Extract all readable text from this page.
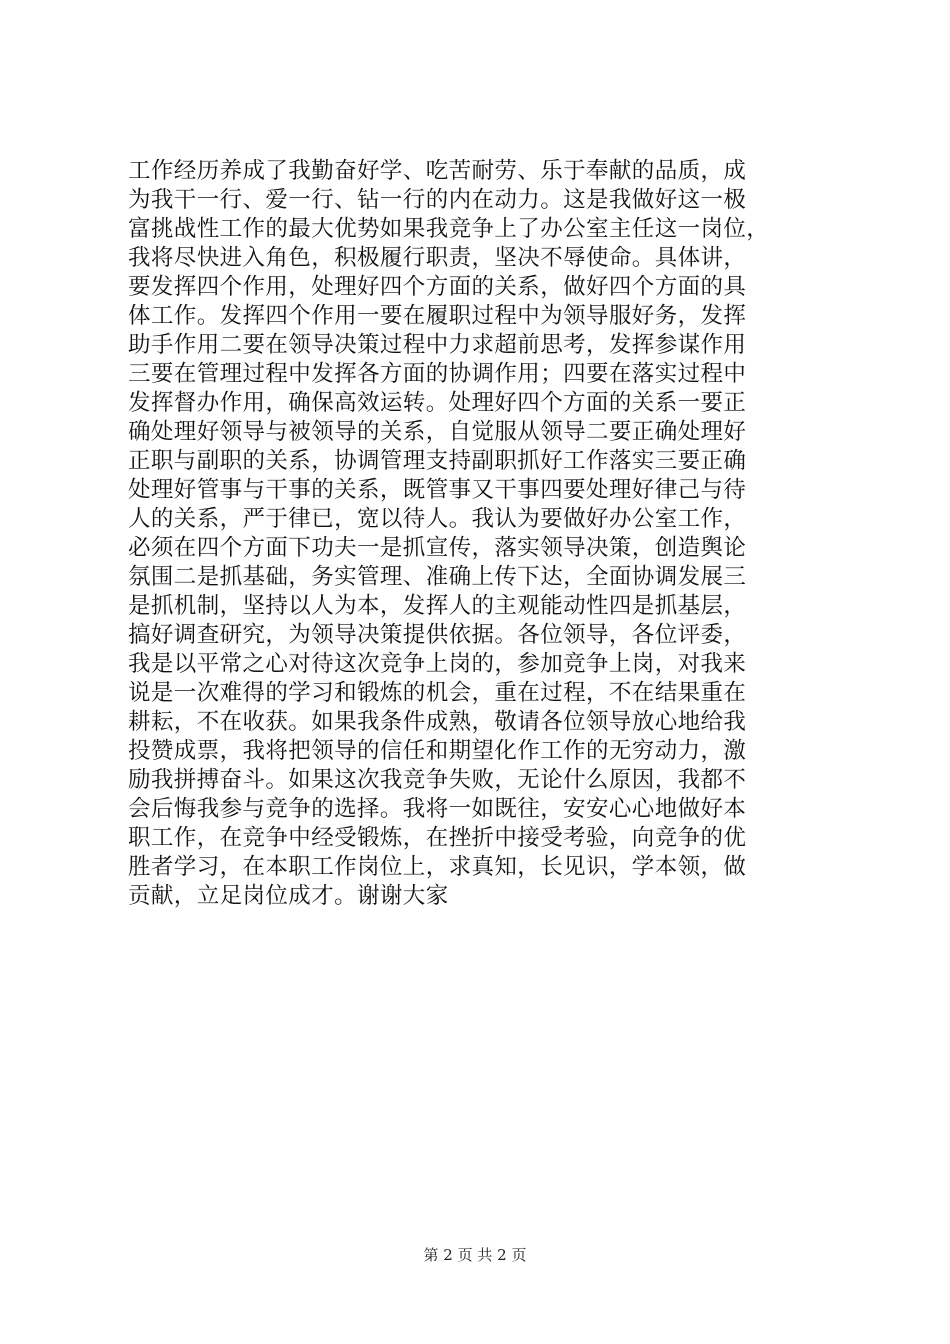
工作经历养成了我勤奋好学、吃苦耐劳、乐于奉献的品质，成
为我干一行、爱一行、钻一行的内在动力。这是我做好这一极
富挑战性工作的最大优势如果我竞争上了办公室主任这一岗位，
我将尽快进入角色，积极履行职责，坚决不辱使命。具体讲，
要发挥四个作用，处理好四个方面的关系，做好四个方面的具
体工作。发挥四个作用一要在履职过程中为领导服好务，发挥
助手作用二要在领导决策过程中力求超前思考，发挥参谋作用
三要在管理过程中发挥各方面的协调作用；四要在落实过程中
发挥督办作用，确保高效运转。处理好四个方面的关系一要正
确处理好领导与被领导的关系，自觉服从领导二要正确处理好
正职与副职的关系，协调管理支持副职抓好工作落实三要正确
处理好管事与干事的关系，既管事又干事四要处理好律己与待
人的关系，严于律已，宽以待人。我认为要做好办公室工作，
必须在四个方面下功夫一是抓宣传，落实领导决策，创造舆论
氛围二是抓基础，务实管理、准确上传下达，全面协调发展三
是抓机制，坚持以人为本，发挥人的主观能动性四是抓基层，
搞好调查研究，为领导决策提供依据。各位领导，各位评委，
我是以平常之心对待这次竞争上岗的，参加竞争上岗，对我来
说是一次难得的学习和锻炼的机会，重在过程，不在结果重在
耕耘，不在收获。如果我条件成熟，敬请各位领导放心地给我
投赞成票，我将把领导的信任和期望化作工作的无穷动力，激
励我拼搏奋斗。如果这次我竞争失败，无论什么原因，我都不
会后悔我参与竞争的选择。我将一如既往，安安心心地做好本
职工作，在竞争中经受锻炼，在挫折中接受考验，向竞争的优
胜者学习，在本职工作岗位上，求真知，长见识，学本领，做
贡献，立足岗位成才。谢谢大家
第 2 页 共 2 页
